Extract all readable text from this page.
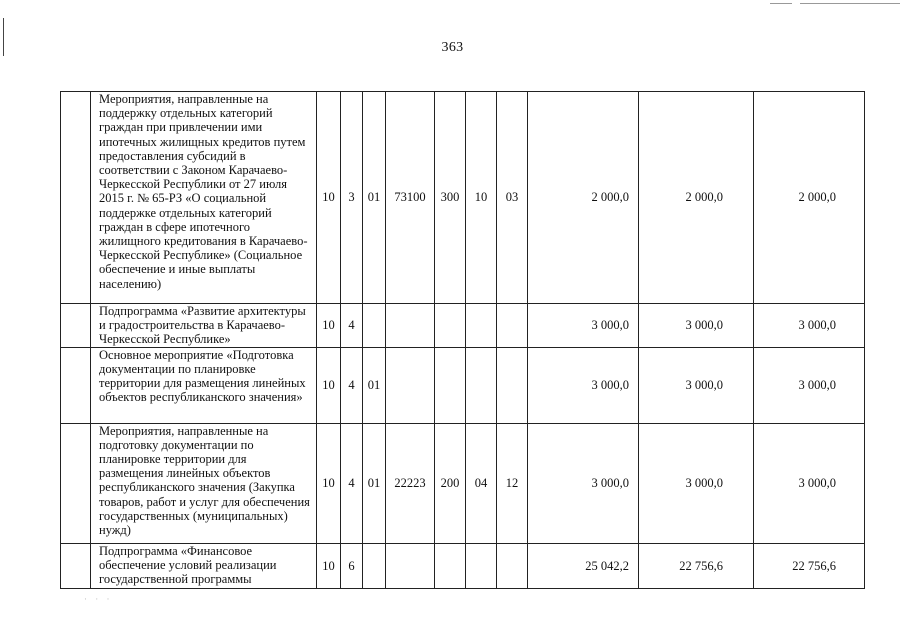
363
	Мероприятия, направленные на поддержку отдельных категорий граждан при привлечении ими ипотечных жилищных кредитов путем предоставления субсидий в соответствии с Законом Карачаево-Черкесской Республики от 27 июля 2015 г. № 65-РЗ «О социальной поддержке отдельных категорий граждан в сфере ипотечного жилищного кредитования в Карачаево-Черкесской Республике» (Социальное обеспечение и иные выплаты населению)	10	3	01	73100	300	10	03	2 000,0	2 000,0	2 000,0
	Подпрограмма «Развитие архитектуры и градостроительства в Карачаево-Черкесской Республике»	10	4						3 000,0	3 000,0	3 000,0
	Основное мероприятие «Подготовка документации по планировке территории для размещения линейных объектов республиканского значения»	10	4	01					3 000,0	3 000,0	3 000,0
	Мероприятия, направленные на подготовку документации по планировке территории для размещения линейных объектов республиканского значения (Закупка товаров, работ и услуг для обеспечения государственных (муниципальных) нужд)	10	4	01	22223	200	04	12	3 000,0	3 000,0	3 000,0
	Подпрограмма «Финансовое обеспечение условий реализации государственной программы	10	6						25 042,2	22 756,6	22 756,6
· · ·
